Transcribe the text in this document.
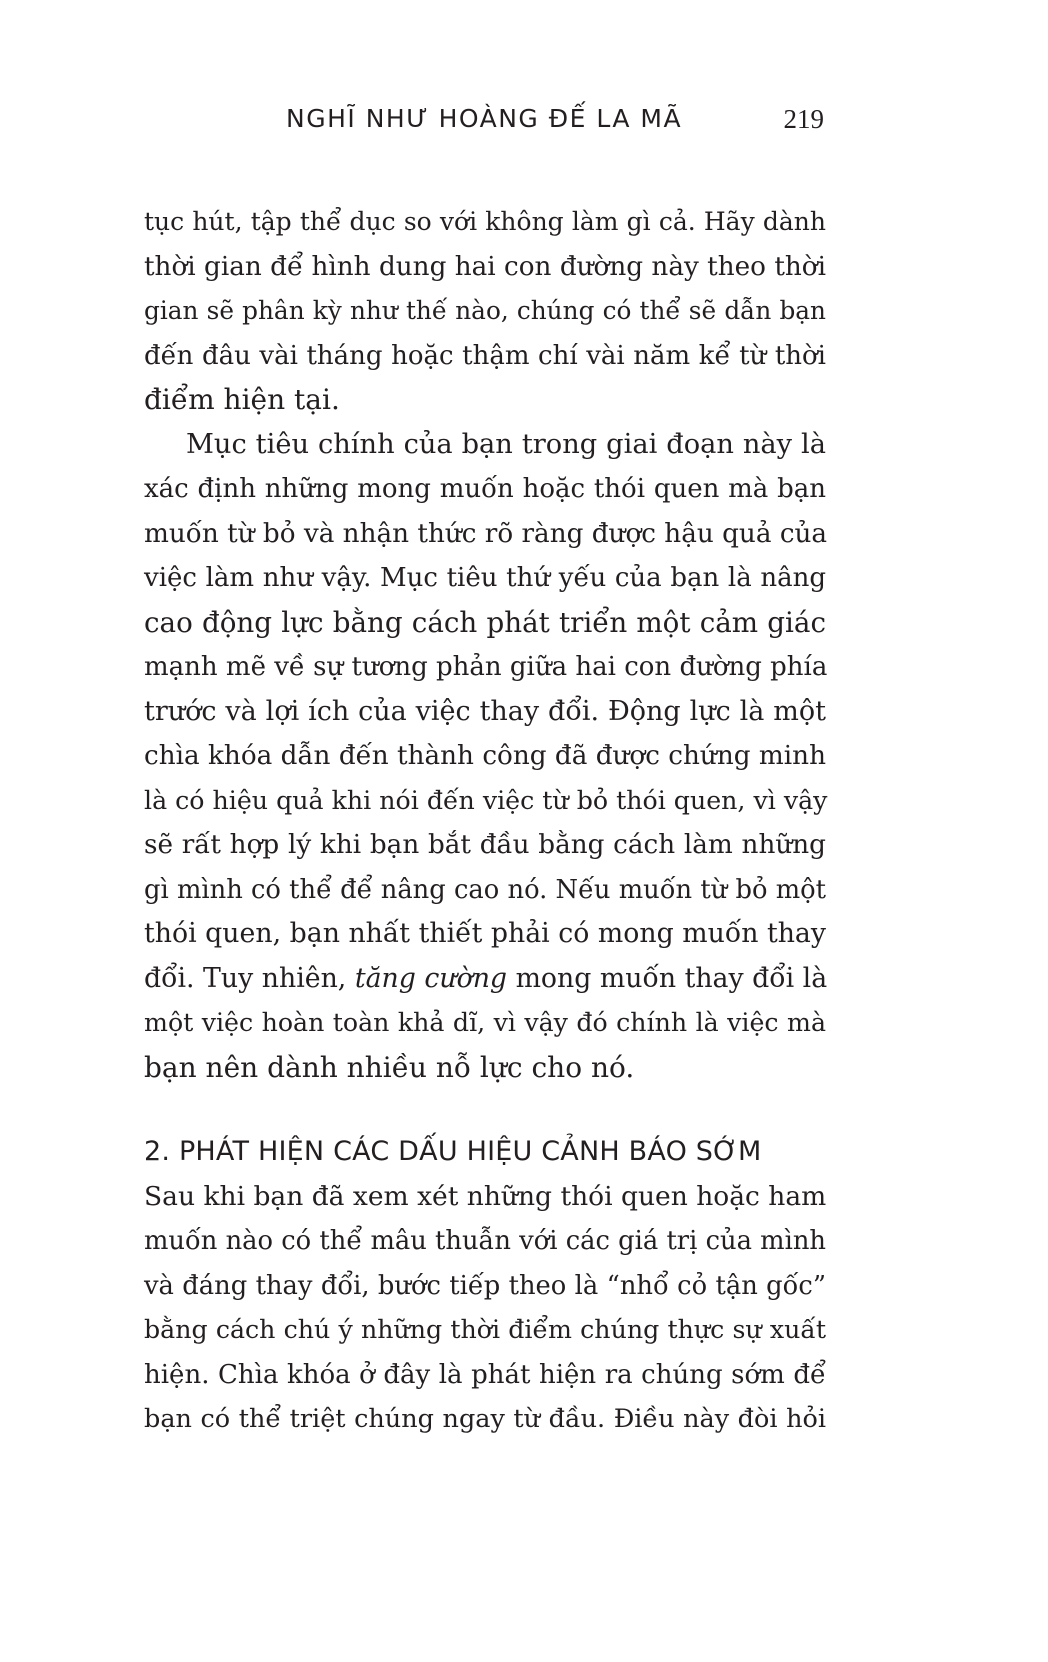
NGHĨ NHƯ HOÀNG ĐẾ LA MÃ	219
tục hút, tập thể dục so với không làm gì cả. Hãy dành
thời gian để hình dung hai con đường này theo thời
gian sẽ phân kỳ như thế nào, chúng có thể sẽ dẫn bạn
đến đâu vài tháng hoặc thậm chí vài năm kể từ thời
điểm hiện tại.
Mục tiêu chính của bạn trong giai đoạn này là
xác định những mong muốn hoặc thói quen mà bạn
muốn từ bỏ và nhận thức rõ ràng được hậu quả của
việc làm như vậy. Mục tiêu thứ yếu của bạn là nâng
cao động lực bằng cách phát triển một cảm giác
mạnh mẽ về sự tương phản giữa hai con đường phía
trước và lợi ích của việc thay đổi. Động lực là một
chìa khóa dẫn đến thành công đã được chứng minh
là có hiệu quả khi nói đến việc từ bỏ thói quen, vì vậy
sẽ rất hợp lý khi bạn bắt đầu bằng cách làm những
gì mình có thể để nâng cao nó. Nếu muốn từ bỏ một
thói quen, bạn nhất thiết phải có mong muốn thay
đổi. Tuy nhiên, tăng cường mong muốn thay đổi là
một việc hoàn toàn khả dĩ, vì vậy đó chính là việc mà
bạn nên dành nhiều nỗ lực cho nó.
2. PHÁT HIỆN CÁC DẤU HIỆU CẢNH BÁO SỚM
Sau khi bạn đã xem xét những thói quen hoặc ham
muốn nào có thể mâu thuẫn với các giá trị của mình
và đáng thay đổi, bước tiếp theo là “nhổ cỏ tận gốc”
bằng cách chú ý những thời điểm chúng thực sự xuất
hiện. Chìa khóa ở đây là phát hiện ra chúng sớm để
bạn có thể triệt chúng ngay từ đầu. Điều này đòi hỏi
